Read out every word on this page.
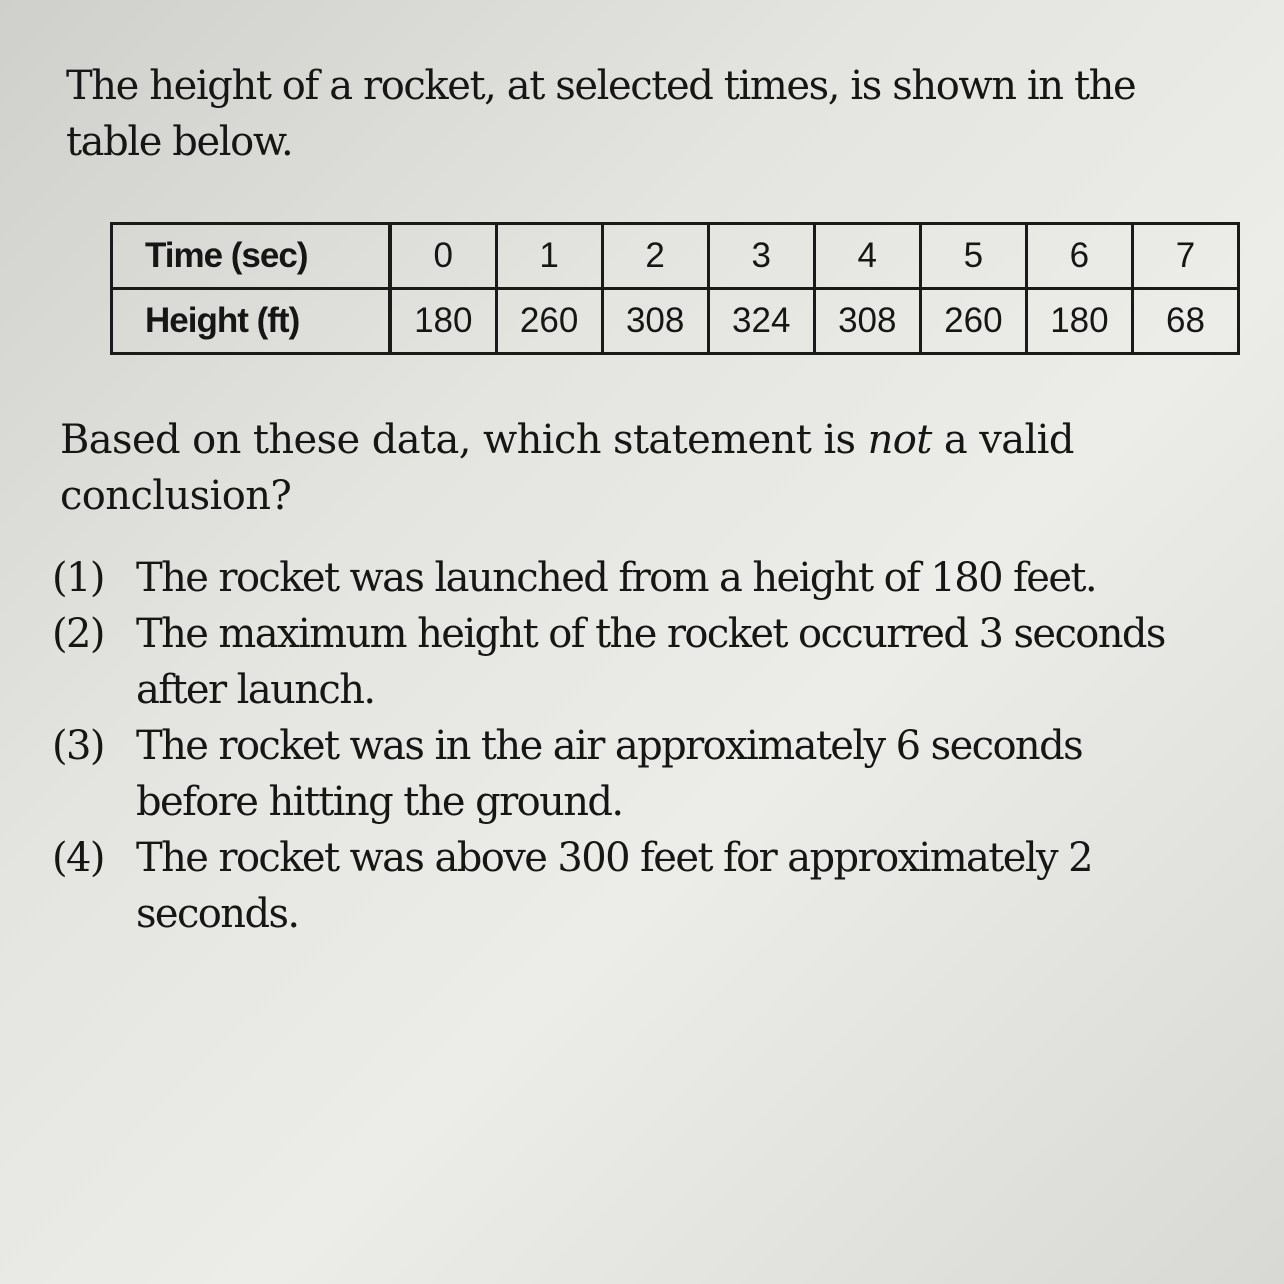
The height of a rocket, at selected times, is shown in the table below.

Time (sec)	0	1	2	3	4	5	6	7
Height (ft)	180	260	308	324	308	260	180	68

Based on these data, which statement is not a valid conclusion?

(1) The rocket was launched from a height of 180 feet.
(2) The maximum height of the rocket occurred 3 seconds after launch.
(3) The rocket was in the air approximately 6 seconds before hitting the ground.
(4) The rocket was above 300 feet for approximately 2 seconds.
